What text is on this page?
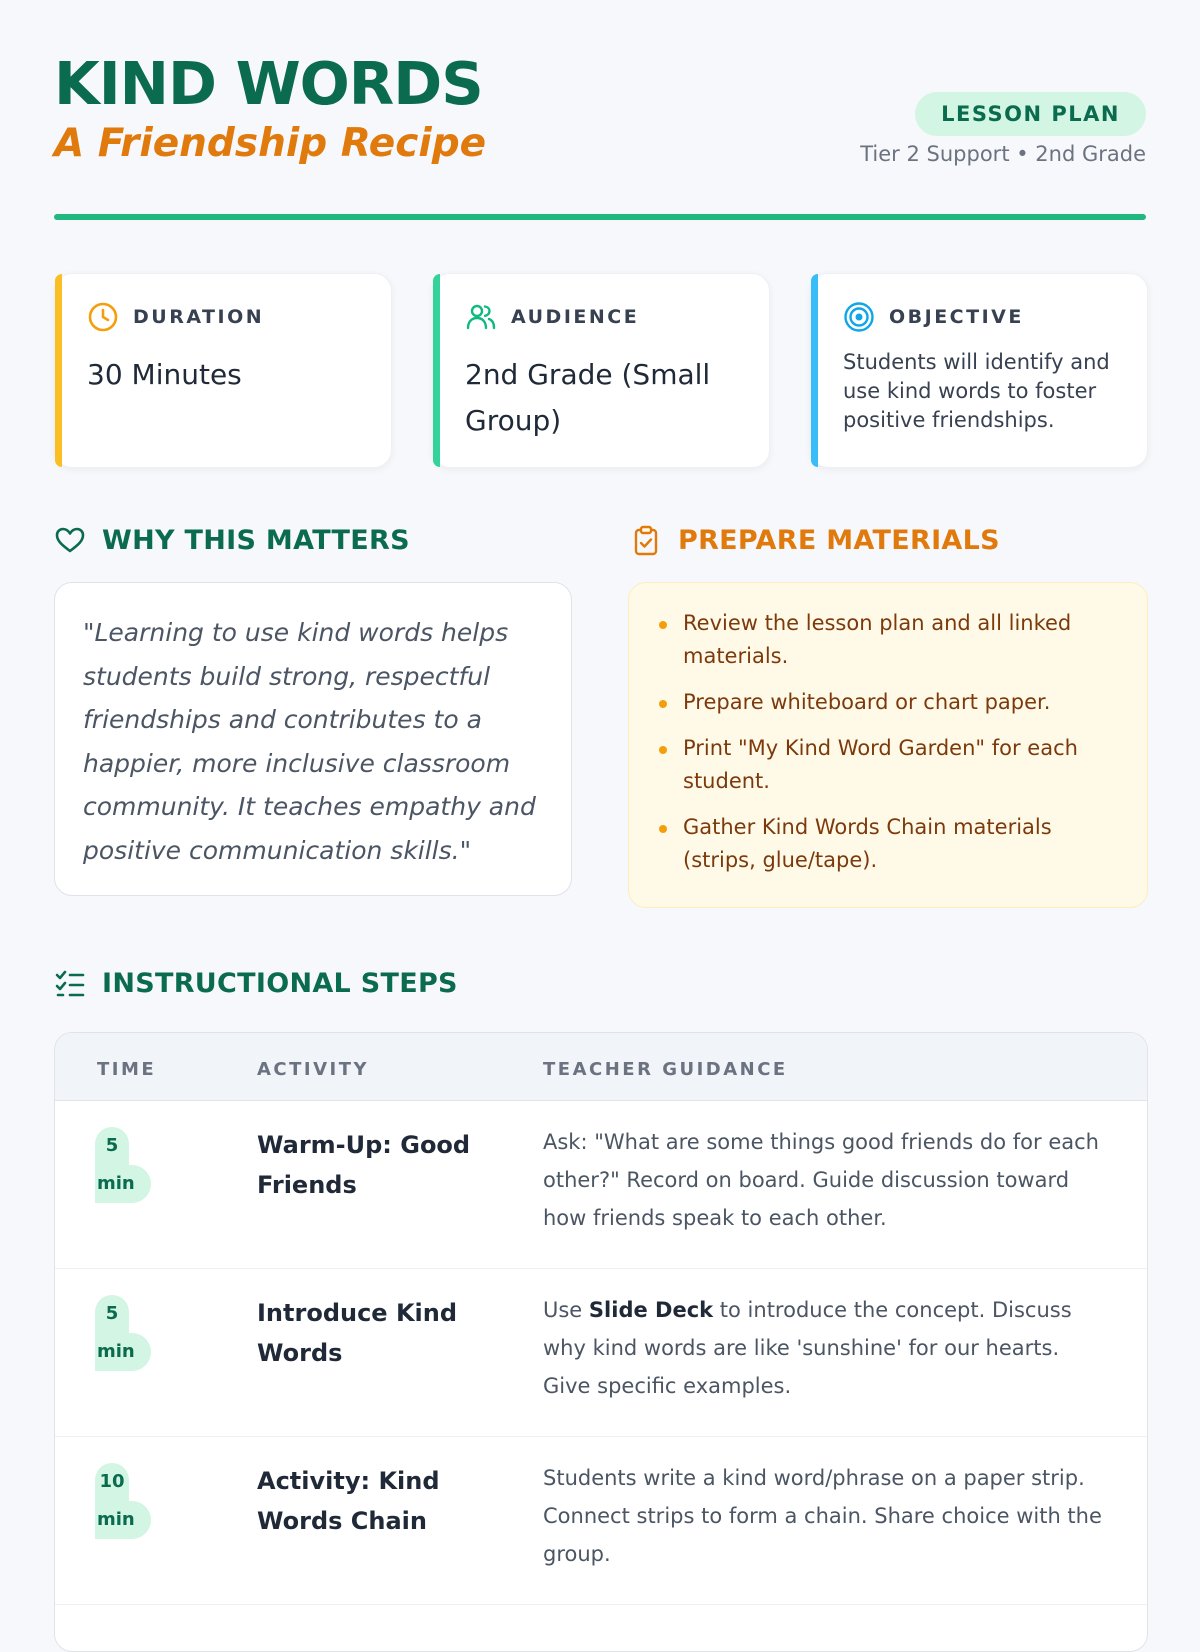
KIND WORDS
A Friendship Recipe
LESSON PLAN
Tier 2 Support • 2nd Grade
DURATION
30 Minutes
AUDIENCE
2nd Grade (Small Group)
OBJECTIVE
Students will identify and use kind words to foster positive friendships.
WHY THIS MATTERS

"Learning to use kind words helps students build strong, respectful friendships and contributes to a happier, more inclusive classroom community. It teaches empathy and positive communication skills."

PREPARE MATERIALS
Review the lesson plan and all linked materials.
Prepare whiteboard or chart paper.
Print "My Kind Word Garden" for each student.
Gather Kind Words Chain materials (strips, glue/tape).
INSTRUCTIONAL STEPS
TIME	ACTIVITY	TEACHER GUIDANCE
5
min
Warm-Up: Good Friends
Ask: "What are some things good friends do for each other?" Record on board. Guide discussion toward how friends speak to each other.
5
min
Introduce Kind Words
Use Slide Deck to introduce the concept. Discuss why kind words are like 'sunshine' for our hearts. Give specific examples.
10
min
Activity: Kind Words Chain
Students write a kind word/phrase on a paper strip. Connect strips to form a chain. Share choice with the group.
